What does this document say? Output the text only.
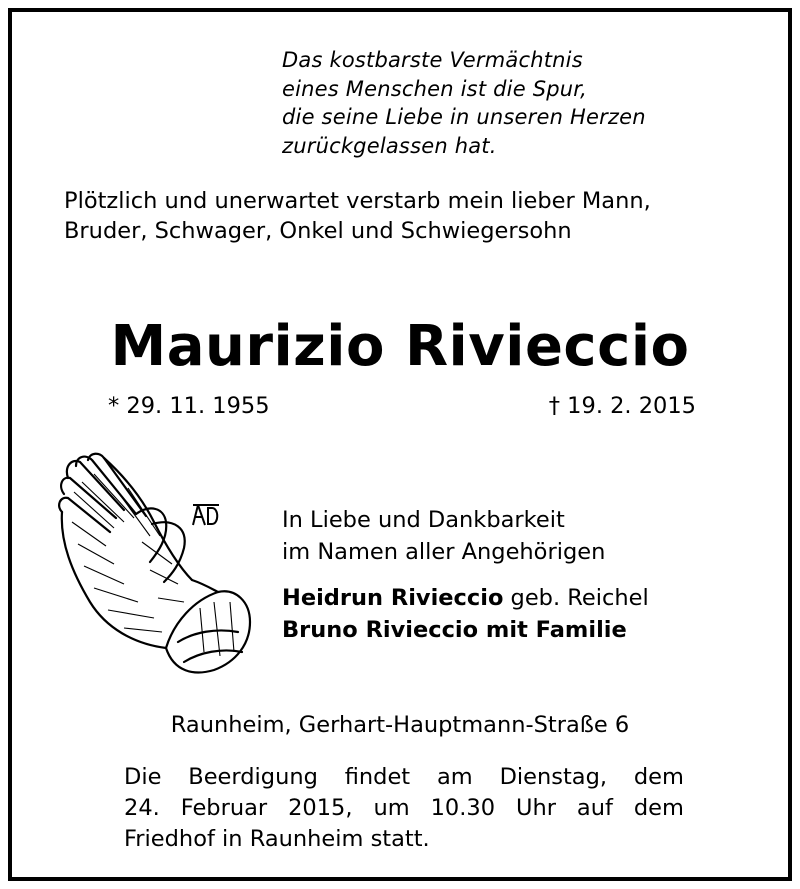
Das kostbarste Vermächtnis
eines Menschen ist die Spur,
die seine Liebe in unseren Herzen
zurückgelassen hat.
Plötzlich und unerwartet verstarb mein lieber Mann,
Bruder, Schwager, Onkel und Schwiegersohn
Maurizio Rivieccio
* 29. 11. 1955	† 19. 2. 2015
In Liebe und Dankbarkeit
im Namen aller Angehörigen
Heidrun Rivieccio geb. Reichel
Bruno Rivieccio mit Familie
Raunheim, Gerhart-Hauptmann-Straße 6
Die Beerdigung findet am Dienstag, dem
24. Februar 2015, um 10.30 Uhr auf dem
Friedhof in Raunheim statt.
